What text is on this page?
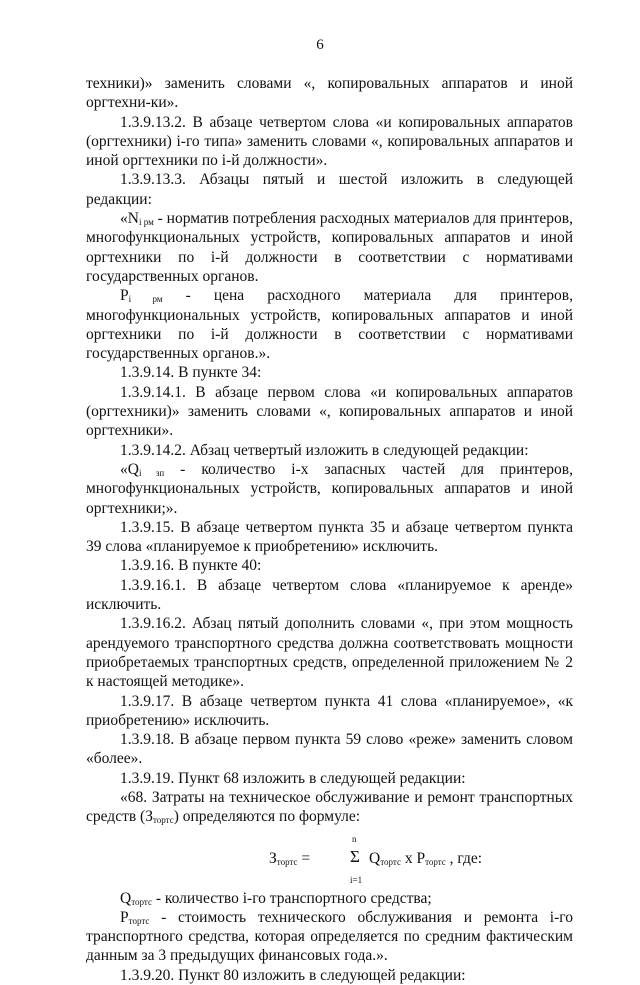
6

техники)» заменить словами «, копировальных аппаратов и иной оргтехни-ки».

1.3.9.13.2. В абзаце четвертом слова «и копировальных аппаратов (оргтехники) i-го типа» заменить словами «, копировальных аппаратов и иной оргтехники по i-й должности».

1.3.9.13.3. Абзацы пятый и шестой изложить в следующей редакции:

«$N_{i рм}$ - норматив потребления расходных материалов для принтеров, многофункциональных устройств, копировальных аппаратов и иной оргтехники по i-й должности в соответствии с нормативами государственных органов.

$P_{i рм}$ - цена расходного материала для принтеров, многофункциональных устройств, копировальных аппаратов и иной оргтехники по i-й должности в соответствии с нормативами государственных органов.».

1.3.9.14. В пункте 34:

1.3.9.14.1. В абзаце первом слова «и копировальных аппаратов (оргтехники)» заменить словами «, копировальных аппаратов и иной оргтехники».

1.3.9.14.2. Абзац четвертый изложить в следующей редакции:

«$Q_{i зп}$ - количество i-х запасных частей для принтеров, многофункциональных устройств, копировальных аппаратов и иной оргтехники;».

1.3.9.15. В абзаце четвертом пункта 35 и абзаце четвертом пункта 39 слова «планируемое к приобретению» исключить.

1.3.9.16. В пункте 40:

1.3.9.16.1. В абзаце четвертом слова «планируемое к аренде» исключить.

1.3.9.16.2. Абзац пятый дополнить словами «, при этом мощность арендуемого транспортного средства должна соответствовать мощности приобретаемых транспортных средств, определенной приложением № 2 к настоящей методике».

1.3.9.17. В абзаце четвертом пункта 41 слова «планируемое», «к приобретению» исключить.

1.3.9.18. В абзаце первом пункта 59 слово «реже» заменить словом «более».

1.3.9.19. Пункт 68 изложить в следующей редакции:

«68. Затраты на техническое обслуживание и ремонт транспортных средств $(З_{тортс})$ определяются по формуле:

$З_{тортс}$ =
n
Σ
i=1
$Q_{тортс}$ x $P_{тортс}$ , где:

$Q_{тортс}$ - количество i-го транспортного средства;

$P_{тортс}$ - стоимость технического обслуживания и ремонта i-го транспортного средства, которая определяется по средним фактическим данным за 3 предыдущих финансовых года.».

1.3.9.20. Пункт 80 изложить в следующей редакции:
